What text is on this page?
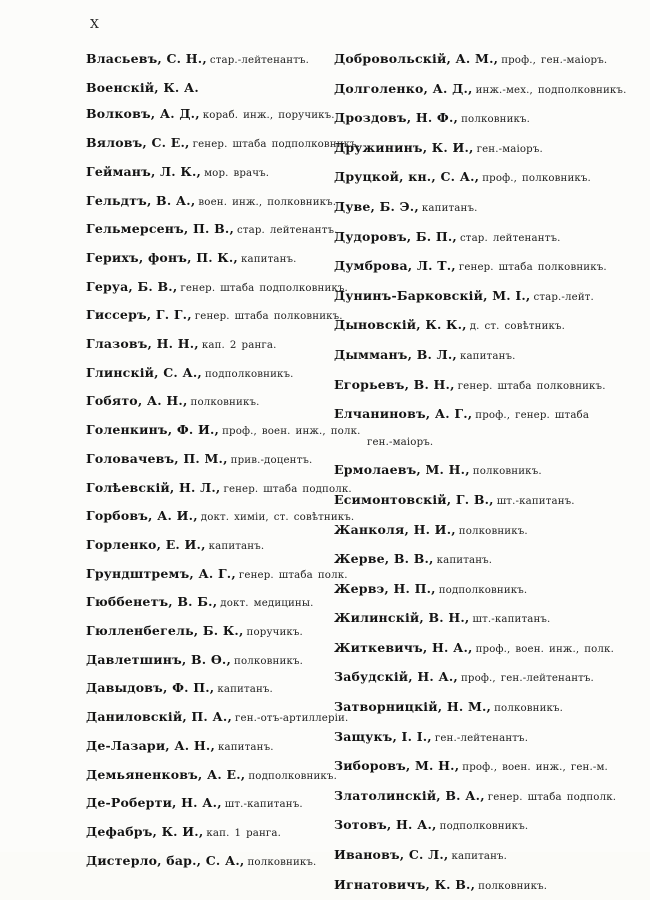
X
Власьевъ, С. Н., стар.-лейтенантъ.
Военскій, К. А.
Волковъ, А. Д., кораб. инж., поручикъ.
Вяловъ, С. Е., генер. штаба подполковникъ.
Гейманъ, Л. К., мор. врачъ.
Гельдтъ, В. А., воен. инж., полковникъ.
Гельмерсенъ, П. В., стар. лейтенантъ.
Герихъ, фонъ, П. К., капитанъ.
Геруа, Б. В., генер. штаба подполковникъ.
Гиссеръ, Г. Г., генер. штаба полковникъ.
Глазовъ, Н. Н., кап. 2 ранга.
Глинскій, С. А., подполковникъ.
Гобято, А. Н., полковникъ.
Голенкинъ, Ф. И., проф., воен. инж., полк.
Головачевъ, П. М., прив.-доцентъ.
Голѣевскій, Н. Л., генер. штаба подполк.
Горбовъ, А. И., докт. химіи, ст. совѣтникъ.
Горленко, Е. И., капитанъ.
Грундштремъ, А. Г., генер. штаба полк.
Гюббенетъ, В. Б., докт. медицины.
Гюлленбегель, Б. К., поручикъ.
Давлетшинъ, В. Ѳ., полковникъ.
Давыдовъ, Ф. П., капитанъ.
Даниловскій, П. А., ген.-отъ-артиллеріи.
Де-Лазари, А. Н., капитанъ.
Демьяненковъ, А. Е., подполковникъ.
Де-Роберти, Н. А., шт.-капитанъ.
Дефабръ, К. И., кап. 1 ранга.
Дистерло, бар., С. А., полковникъ.
Добровольскій, А. М., проф., ген.-маіоръ.
Долголенко, А. Д., инж.-мех., подполковникъ.
Дроздовъ, Н. Ф., полковникъ.
Дружининъ, К. И., ген.-маіоръ.
Друцкой, кн., С. А., проф., полковникъ.
Дуве, Б. Э., капитанъ.
Дудоровъ, Б. П., стар. лейтенантъ.
Думброва, Л. Т., генер. штаба полковникъ.
Дунинъ-Барковскій, М. І., стар.-лейт.
Дыновскій, К. К., д. ст. совѣтникъ.
Дымманъ, В. Л., капитанъ.
Егорьевъ, В. Н., генер. штаба полковникъ.
Елчаниновъ, А. Г., проф., генер. штаба
ген.-маіоръ.
Ермолаевъ, М. Н., полковникъ.
Есимонтовскій, Г. В., шт.-капитанъ.
Жанколя, Н. И., полковникъ.
Жерве, В. В., капитанъ.
Жервэ, Н. П., подполковникъ.
Жилинскій, В. Н., шт.-капитанъ.
Житкевичъ, Н. А., проф., воен. инж., полк.
Забудскій, Н. А., проф., ген.-лейтенантъ.
Затворницкій, Н. М., полковникъ.
Защукъ, І. І., ген.-лейтенантъ.
Зиборовъ, М. Н., проф., воен. инж., ген.-м.
Златолинскій, В. А., генер. штаба подполк.
Зотовъ, Н. А., подполковникъ.
Ивановъ, С. Л., капитанъ.
Игнатовичъ, К. В., полковникъ.
